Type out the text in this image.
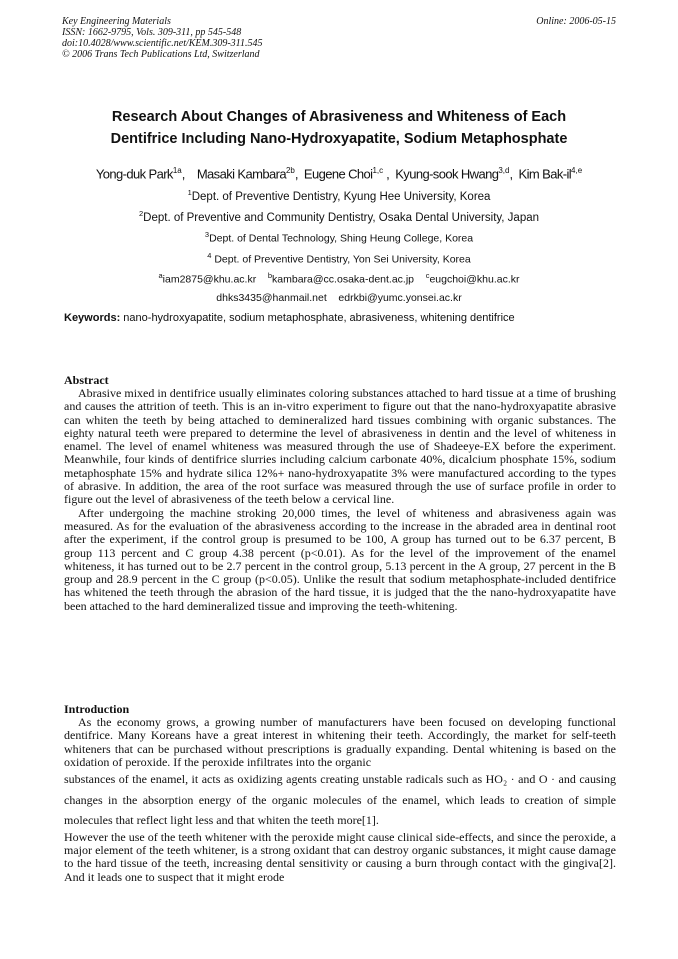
Key Engineering Materials
ISSN: 1662-9795, Vols. 309-311, pp 545-548
doi:10.4028/www.scientific.net/KEM.309-311.545
© 2006 Trans Tech Publications Ltd, Switzerland
Online: 2006-05-15
Research About Changes of Abrasiveness and Whiteness of Each
Dentifrice Including Nano-Hydroxyapatite, Sodium Metaphosphate
Yong-duk Park$^{1a}$,    Masaki Kambara$^{2b}$,  Eugene Choi$^{1,c}$ ,  Kyung-sook Hwang$^{3,d}$,  Kim Bak-il$^{4,e}$
$^1$Dept. of Preventive Dentistry, Kyung Hee University, Korea
$^2$Dept. of Preventive and Community Dentistry, Osaka Dental University, Japan
$^3$Dept. of Dental Technology, Shing Heung College, Korea
$^4$ Dept. of Preventive Dentistry, Yon Sei University, Korea
$^a$iam2875@khu.ac.kr $^b$kambara@cc.osaka-dent.ac.jp $^c$eugchoi@khu.ac.kr
dhks3435@hanmail.net    edrkbi@yumc.yonsei.ac.kr
Keywords: nano-hydroxyapatite, sodium metaphosphate, abrasiveness, whitening dentifrice
Abstract

Abrasive mixed in dentifrice usually eliminates coloring substances attached to hard tissue at a time of brushing and causes the attrition of teeth. This is an in-vitro experiment to figure out that the nano-hydroxyapatite abrasive can whiten the teeth by being attached to demineralized hard tissues combining with organic substances. The eighty natural teeth were prepared to determine the level of abrasiveness in dentin and the level of whiteness in enamel. The level of enamel whiteness was measured through the use of Shadeeye-EX before the experiment. Meanwhile, four kinds of dentifrice slurries including calcium carbonate 40%, dicalcium phosphate 15%, sodium metaphosphate 15% and hydrate silica 12%+ nano-hydroxyapatite 3% were manufactured according to the types of abrasive. In addition, the area of the root surface was measured through the use of surface profile in order to figure out the level of abrasiveness of the teeth below a cervical line.

After undergoing the machine stroking 20,000 times, the level of whiteness and abrasiveness again was measured. As for the evaluation of the abrasiveness according to the increase in the abraded area in dentinal root after the experiment, if the control group is presumed to be 100, A group has turned out to be 6.37 percent, B group 113 percent and C group 4.38 percent (p<0.01). As for the level of the improvement of the enamel whiteness, it has turned out to be 2.7 percent in the control group, 5.13 percent in the A group, 27 percent in the B group and 28.9 percent in the C group (p<0.05). Unlike the result that sodium metaphosphate-included dentifrice has whitened the teeth through the abrasion of the hard tissue, it is judged that the the nano-hydroxyapatite have been attached to the hard demineralized tissue and improving the teeth-whitening.

Introduction

As the economy grows, a growing number of manufacturers have been focused on developing functional dentifrice. Many Koreans have a great interest in whitening their teeth. Accordingly, the market for self-teeth whiteners that can be purchased without prescriptions is gradually expanding. Dental whitening is based on the oxidation of peroxide. If the peroxide infiltrates into the organic

substances of the enamel, it acts as oxidizing agents creating unstable radicals such as HO₂ · and O · and causing changes in the absorption energy of the organic molecules of the enamel, which leads to creation of simple molecules that reflect light less and that whiten the teeth more[1].

However the use of the teeth whitener with the peroxide might cause clinical side-effects, and since the peroxide, a major element of the teeth whitener, is a strong oxidant that can destroy organic substances, it might cause damage to the hard tissue of the teeth, increasing dental sensitivity or causing a burn through contact with the gingiva[2]. And it leads one to suspect that it might erode
